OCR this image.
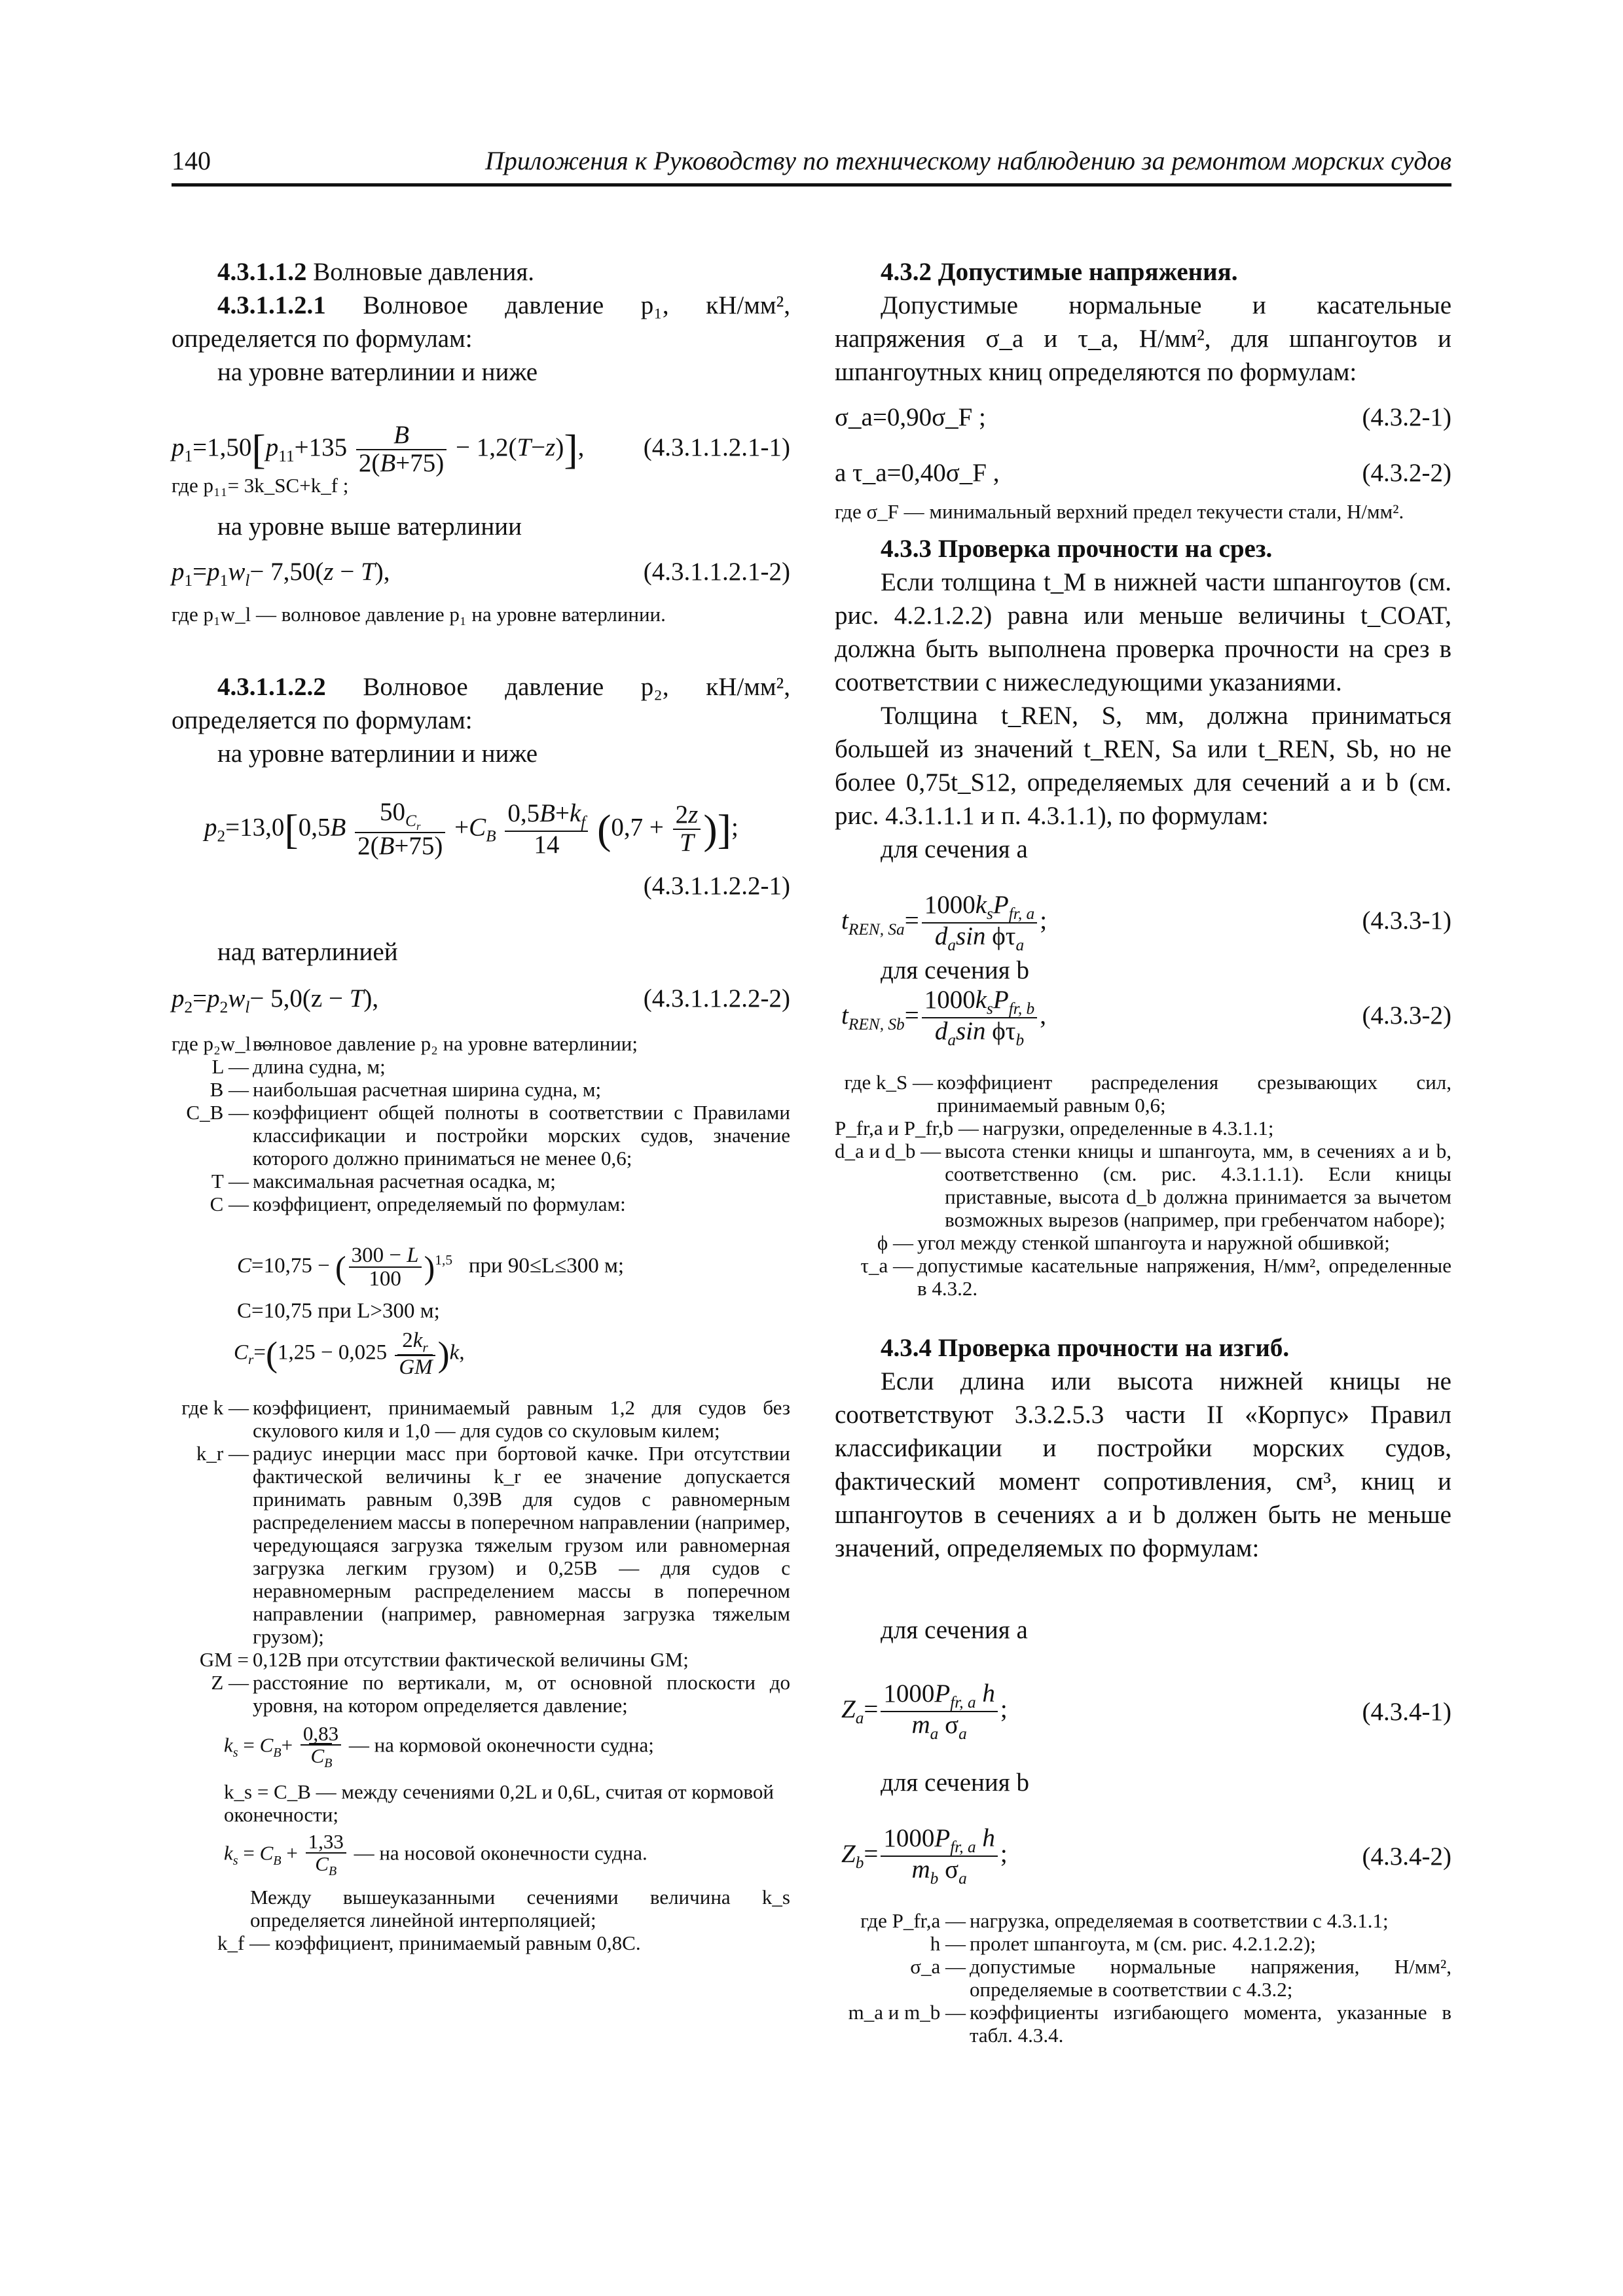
140	Приложения к Руководству по техническому наблюдению за ремонтом морских судов

4.3.1.1.2 Волновые давления.

4.3.1.1.2.1 Волновое давление p₁, кН/мм², определяется по формулам:

на уровне ватерлинии и ниже

$p_1=1,50[p_{11}+135 \frac{B}{2(B+75)} - 1,2(T-z)]$, (4.3.1.1.2.1-1)

где p₁₁= 3k_SC+k_f ;

на уровне выше ватерлинии

$p_1=p_1w_l- 7,50(z - T)$,	(4.3.1.1.2.1-2)

где p₁w_l — волновое давление p₁ на уровне ватерлинии.

4.3.1.1.2.2 Волновое давление p₂, кН/мм², определяется по формулам:

на уровне ватерлинии и ниже

$p_2=13,0[0,5B \frac{50_{C_r}}{2(B+75)} +C_B \frac{0,5B+k_f}{14} (0,7 + \frac{2z}{T}$ )];
(4.3.1.1.2.2-1)

над ватерлинией

$p_2=p_2w_l- 5,0(z - T)$,	(4.3.1.1.2.2-2)
где p₂w_l —
волновое давление p₂ на уровне ватерлинии;
L — длина судна, м;
B — наибольшая расчетная ширина судна, м;
C_B — коэффициент общей полноты в соответствии с Правилами классификации и постройки морских судов, значение которого должно приниматься не менее 0,6;
T — максимальная расчетная осадка, м;
C — коэффициент, определяемый по формулам:
C=10,75 − ( $\frac{300 - L}{100} )^{1,5}$ при 90≤L≤300 м;

C=10,75 при L>300 м;

$C_r=(1,25 - 0,025 \frac{2k_r}{GM} )k$,
где k — коэффициент, принимаемый равным 1,2 для судов без скулового киля и 1,0 — для судов со скуловым килем;
k_r — радиус инерции масс при бортовой качке. При отсутствии фактической величины k_r ее значение допускается принимать равным 0,39B для судов с равномерным распределением массы в поперечном направлении (например, чередующаяся загрузка тяжелым грузом или равномерная загрузка легким грузом) и 0,25B — для судов с неравномерным распределением массы в поперечном направлении (например, равномерная загрузка тяжелым грузом);
GM = 0,12B при отсутствии фактической величины GM;
Z — расстояние по вертикали, м, от основной плоскости до уровня, на котором определяется давление;
$k_s = C_B+ \frac{0,83}{C_B}$ — на кормовой оконечности судна;

k_s = C_B — между сечениями 0,2L и 0,6L, считая от кормовой оконечности;

$k_s = C_B + \frac{1,33}{C_B}$ — на носовой оконечности судна.

Между вышеуказанными сечениями величина k_s определяется линейной интерполяцией;

k_f — коэффициент, принимаемый равным 0,8C.

4.3.2 Допустимые напряжения.

Допустимые нормальные и касательные напряжения σ_a и τ_a, Н/мм², для шпангоутов и шпангоутных книц определяются по формулам:

σ_a=0,90σ_F ;	(4.3.2-1)
а τ_a=0,40σ_F ,	(4.3.2-2)

где σ_F — минимальный верхний предел текучести стали, Н/мм².

4.3.3 Проверка прочности на срез.

Если толщина t_M в нижней части шпангоутов (см. рис. 4.2.1.2.2) равна или меньше величины t_COAT, должна быть выполнена проверка прочности на срез в соответствии с нижеследующими указаниями.

Толщина t_REN, S, мм, должна приниматься большей из значений t_REN, Sa или t_REN, Sb, но не более 0,75t_S12, определяемых для сечений a и b (см. рис. 4.3.1.1.1 и п. 4.3.1.1), по формулам:

для сечения a

$t_{REN, Sa}= \frac{1000k_sP_{fr, a}}{d_a\sin \phi\tau_a}$ ;	(4.3.3-1)

для сечения b

$t_{REN, Sb}= \frac{1000k_sP_{fr, b}}{d_a\sin \phi\tau_b}$ ,	(4.3.3-2)
где k_S — коэффициент распределения срезывающих сил, принимаемый равным 0,6;
P_fr,a и P_fr,b — нагрузки, определенные в 4.3.1.1;
d_a и d_b — высота стенки кницы и шпангоута, мм, в сечениях a и b, соответственно (см. рис. 4.3.1.1.1). Если кницы приставные, высота d_b должна принимается за вычетом возможных вырезов (например, при гребенчатом наборе);
ϕ — угол между стенкой шпангоута и наружной обшивкой;
τ_a — допустимые касательные напряжения, Н/мм², определенные в 4.3.2.

4.3.4 Проверка прочности на изгиб.

Если длина или высота нижней кницы не соответствуют 3.3.2.5.3 части II «Корпус» Правил классификации и постройки морских судов, фактический момент сопротивления, см³, книц и шпангоутов в сечениях a и b должен быть не меньше значений, определяемых по формулам:

для сечения a

$Z_a= \frac{1000P_{fr, a} h}{m_a \sigma_a}$ ;	(4.3.4-1)

для сечения b

$Z_b= \frac{1000P_{fr, a} h}{m_b \sigma_a}$ ;	(4.3.4-2)
где P_fr,a — нагрузка, определяемая в соответствии с 4.3.1.1;
h — пролет шпангоута, м (см. рис. 4.2.1.2.2);
σ_a — допустимые нормальные напряжения, Н/мм², определяемые в соответствии с 4.3.2;
m_a и m_b — коэффициенты изгибающего момента, указанные в табл. 4.3.4.
